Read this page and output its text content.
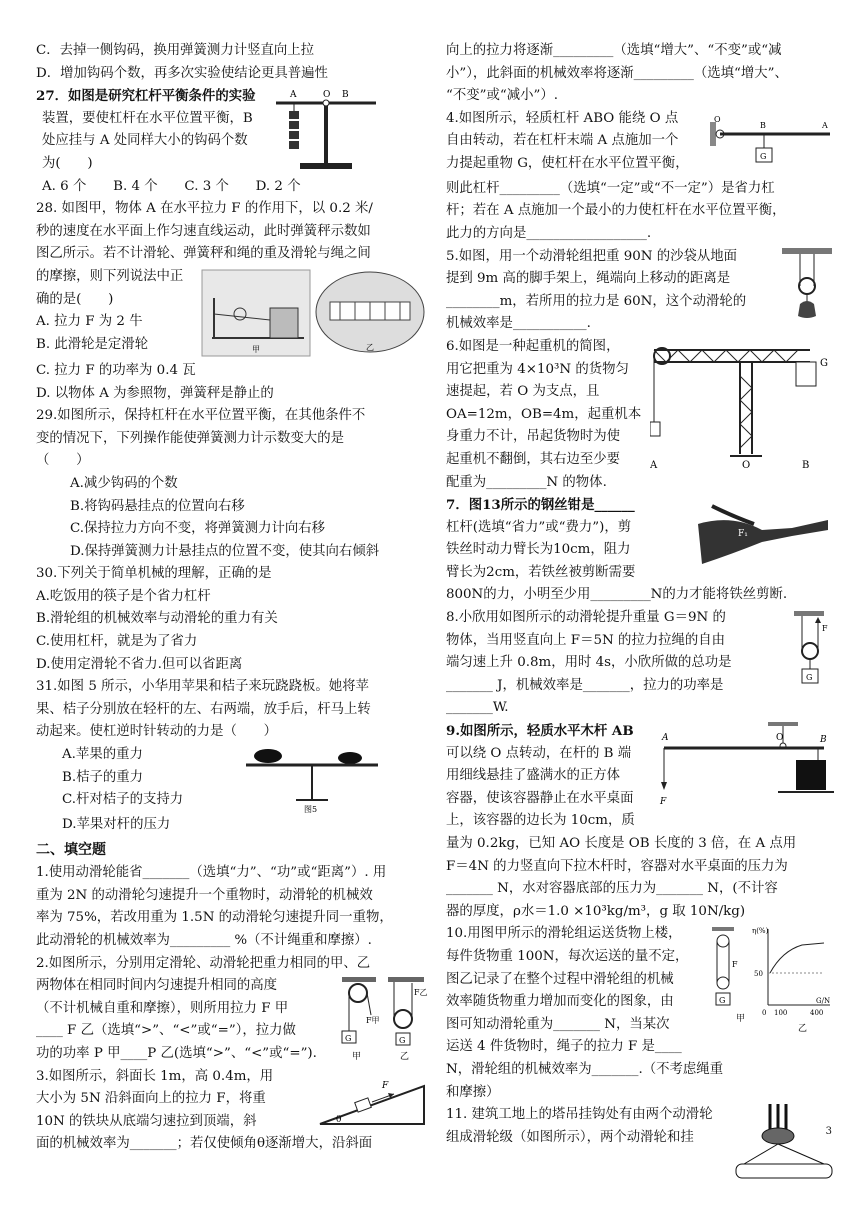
C．去掉一侧钩码，换用弹簧测力计竖直向上拉

D．增加钩码个数，再多次实验使结论更具普遍性

A	O B

27．如图是研究杠杆平衡条件的实验

装置，要使杠杆在水平位置平衡，B

处应挂与 A 处同样大小的钩码个数

为(　　)

A. 6 个　　B. 4 个　　C. 3 个　　D. 2 个

28. 如图甲，物体 A 在水平拉力 F 的作用下，以 0.2 米/

秒的速度在水平面上作匀速直线运动，此时弹簧秤示数如

图乙所示。若不计滑轮、弹簧秤和绳的重及滑轮与绳之间

甲	乙

的摩擦，则下列说法中正

确的是(　　)

A. 拉力 F 为 2 牛

B. 此滑轮是定滑轮

C. 拉力 F 的功率为 0.4 瓦

D. 以物体 A 为参照物，弹簧秤是静止的

29.如图所示，保持杠杆在水平位置平衡，在其他条件不

变的情况下，下列操作能使弹簧测力计示数变大的是

（　　）

A.减少钩码的个数

B.将钩码悬挂点的位置向右移

C.保持拉力方向不变，将弹簧测力计向右移

D.保持弹簧测力计悬挂点的位置不变，使其向右倾斜

30.下列关于简单机械的理解，正确的是

A.吃饭用的筷子是个省力杠杆

B.滑轮组的机械效率与动滑轮的重力有关

C.使用杠杆，就是为了省力

D.使用定滑轮不省力.但可以省距离

31.如图 5 所示，小华用苹果和桔子来玩跷跷板。她将苹

果、桔子分别放在轻杆的左、右两端，放手后，杆马上转

动起来。使杠逆时针转动的力是（　　）

图5

A.苹果的重力

B.桔子的重力

C.杆对桔子的支持力

D.苹果对杆的压力

二、填空题

1.使用动滑轮能省_______（选填“力”、“功”或“距离”）. 用

重为 2N 的动滑轮匀速提升一个重物时，动滑轮的机械效

率为 75%，若改用重为 1.5N 的动滑轮匀速提升同一重物，

此动滑轮的机械效率为_________ %（不计绳重和摩擦）.

2.如图所示，分别用定滑轮、动滑轮把重力相同的甲、乙

G
F甲
甲
G
F乙
乙

两物体在相同时间内匀速提升相同的高度

（不计机械自重和摩擦），则所用拉力 F 甲

____ F 乙（选填“>”、“<”或“=”），拉力做

功的功率 P 甲____P 乙(选填“>”、“<”或“=”).

F
θ

3.如图所示，斜面长 1m，高 0.4m，用

大小为 5N 沿斜面向上的拉力 F，将重

10N 的铁块从底端匀速拉到顶端，斜

面的机械效率为_______；若仅使倾角θ逐渐增大，沿斜面

向上的拉力将逐渐_________（选填“增大”、“不变”或“减

小”），此斜面的机械效率将逐渐_________（选填“增大”、

“不变”或“减小”）.

G
O
B	A

4.如图所示，轻质杠杆 ABO 能绕 O 点

自由转动，若在杠杆末端 A 点施加一个

力提起重物 G，使杠杆在水平位置平衡，

则此杠杆_________（选填“一定”或“不一定”）是省力杠

杆；若在 A 点施加一个最小的力使杠杆在水平位置平衡，

此力的方向是__________________.

5.如图，用一个动滑轮组把重 90N 的沙袋从地面

提到 9m 高的脚手架上，绳端向上移动的距离是

________m，若所用的拉力是 60N，这个动滑轮的

机械效率是___________.

G
A	O	B

6.如图是一种起重机的简图，

用它把重为 4×10³N 的货物匀

速提起，若 O 为支点，且

OA=12m，OB=4m，起重机本

身重力不计，吊起货物时为使

起重机不翻倒，其右边至少要

配重为_________N 的物体.

F₁

7．图13所示的钢丝钳是______

杠杆(选填“省力”或“费力”)，剪

铁丝时动力臂长为10cm，阻力

臂长为2cm，若铁丝被剪断需要

800N的力，小明至少用_________N的力才能将铁丝剪断.

F
G

8.小欣用如图所示的动滑轮提升重量 G＝9N 的

物体，当用竖直向上 F＝5N 的拉力拉绳的自由

端匀速上升 0.8m，用时 4s，小欣所做的总功是

_______ J，机械效率是_______，拉力的功率是

_______W.

A	O	B
F

9.如图所示，轻质水平木杆 AB

可以绕 O 点转动，在杆的 B 端

用细线悬挂了盛满水的正方体

容器，使该容器静止在水平桌面

上，该容器的边长为 10cm，质

量为 0.2kg，已知 AO 长度是 OB 长度的 3 倍，在 A 点用

F＝4N 的力竖直向下拉木杆时，容器对水平桌面的压力为

_______ N，水对容器底部的压力为_______ N，(不计容

器的厚度，ρ水＝1.0 ×10³kg/m³，g 取 10N/kg)

G
F
甲
η(%)
50
0 100	400
G/N
乙

10.用图甲所示的滑轮组运送货物上楼，

每件货物重 100N，每次运送的量不定，

图乙记录了在整个过程中滑轮组的机械

效率随货物重力增加而变化的图象，由

图可知动滑轮重为_______ N，当某次

运送 4 件货物时，绳子的拉力 F 是____

N，滑轮组的机械效率为_______.（不考虑绳重

和摩擦）

11. 建筑工地上的塔吊挂钩处有由两个动滑轮

组成滑轮级（如图所示），两个动滑轮和挂	3
